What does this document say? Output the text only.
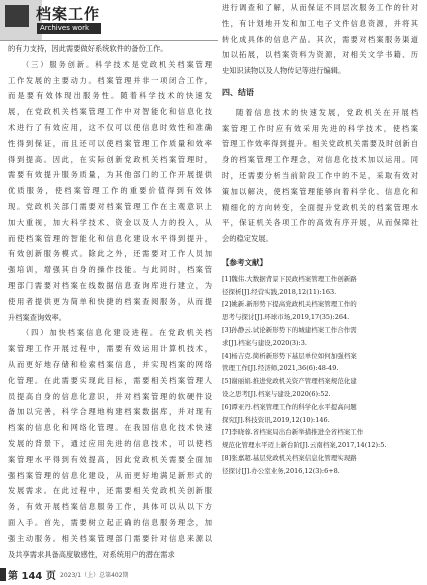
档案工作
Archives work
的有力支持，因此需要做好系统软件的备份工作。
（三）服务创新。科学技术是党政机关档案管理
工作发展的主要动力。档案管理并非一项闭合工作，
而是要有效体现出服务性。随着科学技术的快速发
展，在党政机关档案管理工作中对智能化和信息化技
术进行了有效应用，这不仅可以使信息时效性和准确
性得到保证，而且还可以使档案管理工作质量和效率
得到提高。因此，在实际创新党政机关档案管理时，
需要有效提升服务质量，为其他部门的工作开展提供
优质服务，使档案管理工作的重要价值得到有效体
现。党政机关部门需要对档案管理工作在主观意识上
加大重视，加大科学技术、资金以及人力的投入，从
而使档案管理的智能化和信息化建设水平得到提升，
有效创新服务模式。除此之外，还需要对工作人员加
强培训，增强其自身的操作技能。与此同时，档案管
理部门需要对档案在线数据信息查询库进行建立，为
使用者提供更为简单和快捷的档案查阅服务，从而提
升档案查询效率。
（四）加快档案信息化建设进程。在党政机关档
案管理工作开展过程中，需要有效运用计算机技术，
从而更好地存储和检索档案信息，并实现档案的网络
化管理。在此需要实现此目标，需要相关档案管理人
员提高自身的信息化意识，并对档案管理的软硬件设
备加以完善，科学合理地构建档案数据库，并对现有
档案的信息化和网络化管理。在我国信息化技术快速
发展的背景下，通过应用先进的信息技术，可以使档
案管理水平得到有效提高，因此党政机关需要全面加
强档案管理的信息化建设，从而更好地满足新形式的
发展需求。在此过程中，还需要相关党政机关创新服
务，有效开展档案信息服务工作，具体可以从以下方
面入手。首先，需要树立起正确的信息服务理念，加
强主动服务。相关档案管理部门需要针对信息来源以
及共享需求具备高度敏感性，对系统用户的潜在需求
进行调查和了解，从而保证不同层次服务工作的针对
性，有计划地开发和加工电子文件信息资源，并将其
转化成具体的信息产品。其次，需要对档案服务渠道
加以拓展，以档案资料为资源，对相关文学书籍、历
史知识读物以及人物传记等进行编辑。
四、结语
随着信息技术的快速发展，党政机关在开展档
案管理工作时应有效采用先进的科学技术，使档案
管理工作效率得到提升。相关党政机关需要及时创新自
身的档案管理工作理念，对信息化技术加以运用。同
时，还需要分析当前阶段工作中的不足，采取有效对
策加以解决，使档案管理能够向着科学化、信息化和
精细化的方向转变，全面提升党政机关的档案管理水
平，保证机关各项工作的高效有序开展，从而保障社
会的稳定发展。
【参考文献】
[1]魏伟.大数据背景下民政档案管理工作创新路
径探析[J].经营实践,2018,12(11):163.
[2]姚新.新形势下提高党政机关档案管理工作的
思考与探讨[J].环球市场,2019,17(35):264.
[3]孙静云.试论新形势下的城建档案工作合作需
求[J].档案与建设,2020(3):3.
[4]杨吉克.简析新形势下基层单位如何加强档案
管理工作[J].经济师,2021,36(6):48-49.
[5]谢丽娟.推进党政机关资产管理档案规范化建
设之思考[J].档案与建设,2020(6):52.
[6]谭亚丹.档案管理工作的科学化水平提高问题
探究[J].科技资讯,2019,12(10):146.
[7]李晓蓉.省档案局出台新举措推进全省档案工作
规范化管理水平迈上新台阶[J].云南档案,2017,14(12):5.
[8]张嘉超.基层党政机关档案信息化管理实现路
径探讨[J].办公室业务,2016,12(3):6+8.
第 144 页 2023/1（上）总第402期
